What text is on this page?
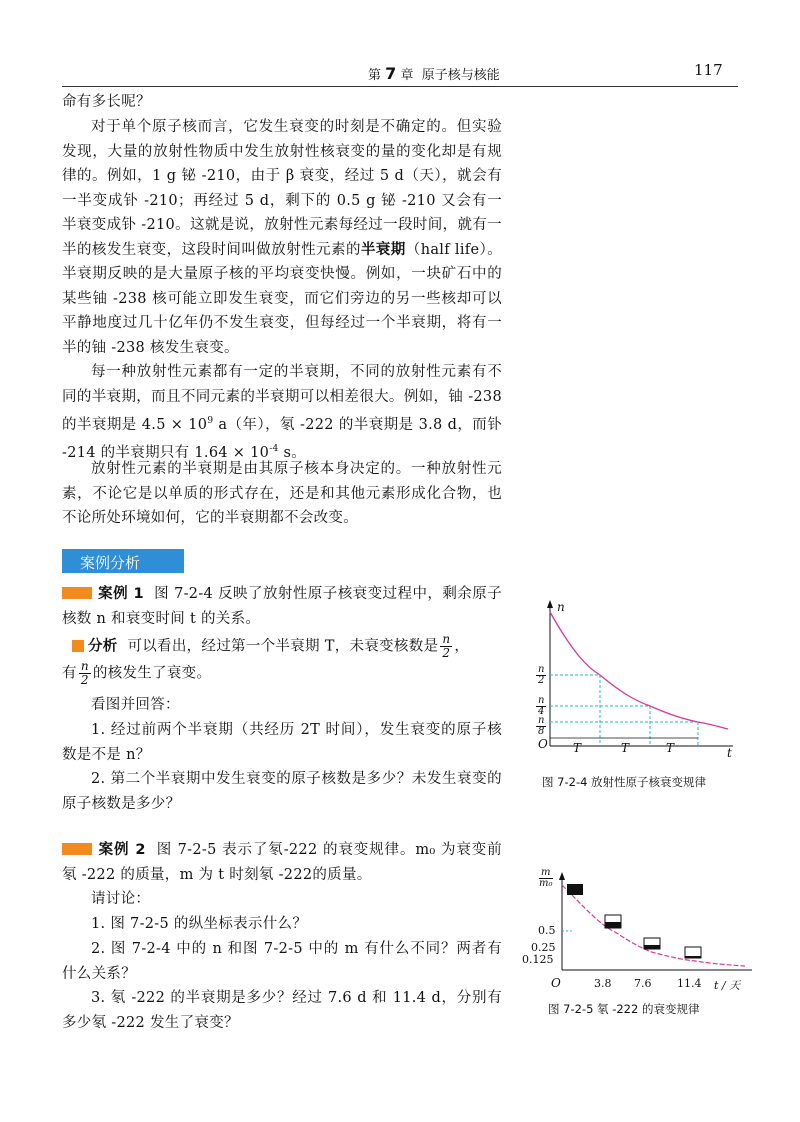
第 7 章 原子核与核能	117
命有多长呢？
对于单个原子核而言，它发生衰变的时刻是不确定的。但实验发现，大量的放射性物质中发生放射性核衰变的量的变化却是有规律的。例如，1 g 铋 -210，由于 β 衰变，经过 5 d（天），就会有一半变成钋 -210；再经过 5 d，剩下的 0.5 g 铋 -210 又会有一半衰变成钋 -210。这就是说，放射性元素每经过一段时间，就有一半的核发生衰变，这段时间叫做放射性元素的半衰期（half life）。半衰期反映的是大量原子核的平均衰变快慢。例如，一块矿石中的某些铀 -238 核可能立即发生衰变，而它们旁边的另一些核却可以平静地度过几十亿年仍不发生衰变，但每经过一个半衰期，将有一半的铀 -238 核发生衰变。
每一种放射性元素都有一定的半衰期，不同的放射性元素有不同的半衰期，而且不同元素的半衰期可以相差很大。例如，铀 -238 的半衰期是 $4.5 \times 10^9$ a（年），氡 -222 的半衰期是 3.8 d，而钋 -214 的半衰期只有 $1.64 \times 10^{-4}$ s。
放射性元素的半衰期是由其原子核本身决定的。一种放射性元素，不论它是以单质的形式存在，还是和其他元素形成化合物，也不论所处环境如何，它的半衰期都不会改变。
案例分析
案例 1 图 7-2-4 反映了放射性原子核衰变过程中，剩余原子核数 n 和衰变时间 t 的关系。
分析 可以看出，经过第一个半衰期 T，未衰变核数是 $\frac{n}{2}$ ，
有 $\frac{n}{2}$ 的核发生了衰变。
看图并回答：
1. 经过前两个半衰期（共经历 2T 时间），发生衰变的原子核数是不是 n？
2. 第二个半衰期中发生衰变的原子核数是多少？未发生衰变的原子核数是多少？
案例 2 图 7-2-5 表示了氡-222 的衰变规律。m₀ 为衰变前氡 -222 的质量，m 为 t 时刻氡 -222的质量。
请讨论：
1. 图 7-2-5 的纵坐标表示什么？
2. 图 7-2-4 中的 n 和图 7-2-5 中的 m 有什么不同？两者有什么关系？
3. 氡 -222 的半衰期是多少？经过 7.6 d 和 11.4 d，分别有多少氡 -222 发生了衰变？
n
t
O
$\frac{n}{2}$
$\frac{n}{4}$
$\frac{n}{8}$
T	T	T
图 7-2-4 放射性原子核衰变规律
$\frac{m}{\text{m₀}}$
0.5
0.25
0.125
O	3.8 7.6 11.4 t / 天
图 7-2-5 氡 -222 的衰变规律
